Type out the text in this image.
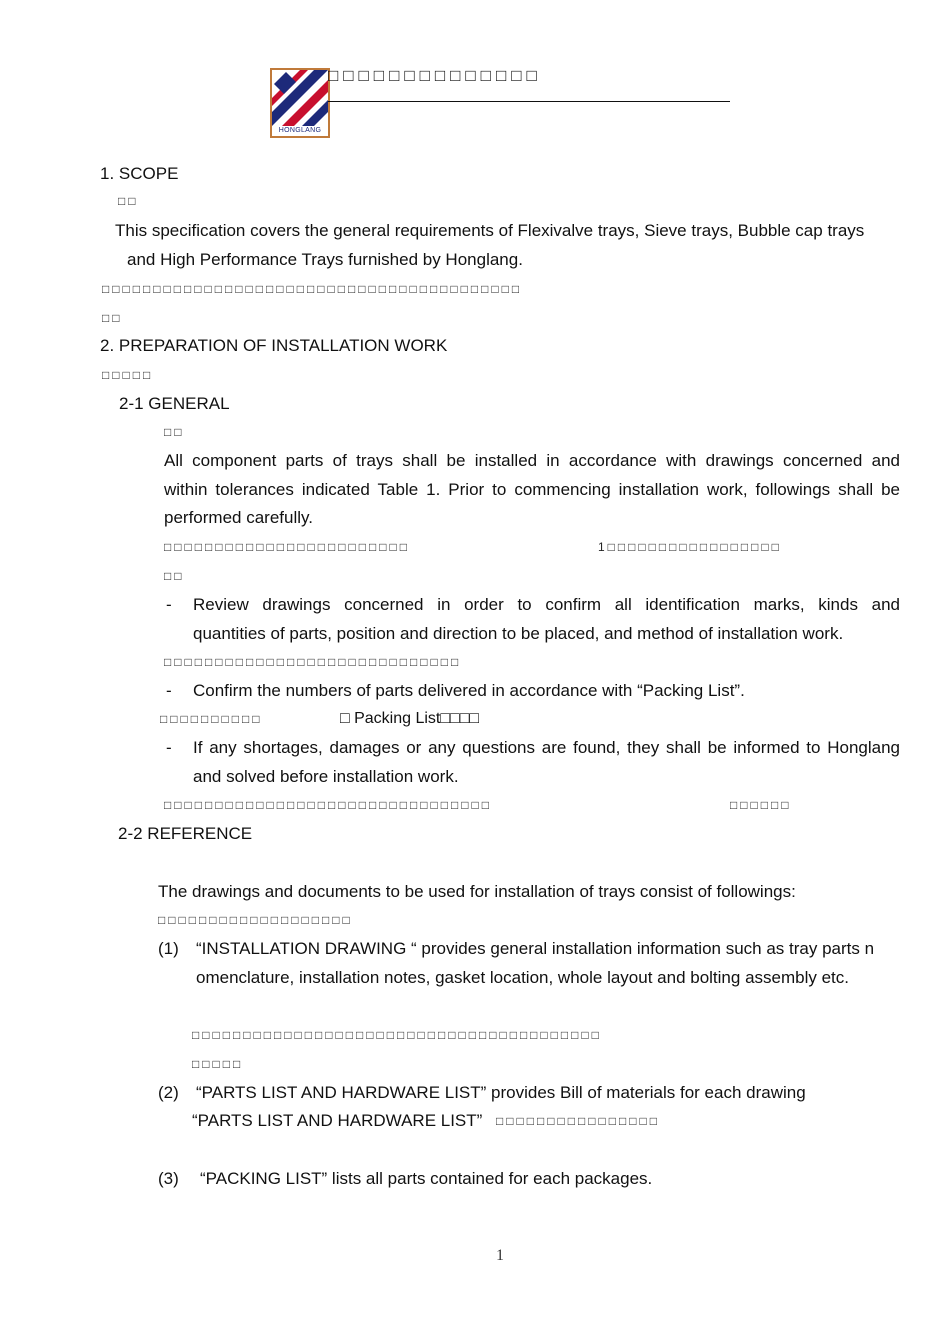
HONGLANG
□□□□□□□□□□□□□□
1. SCOPE
□□
This specification covers the general requirements of Flexivalve trays, Sieve trays, Bubble cap trays
and High Performance Trays furnished by Honglang.
□□□□□□□□□□□□□□□□□□□□□□□□□□□□□□□□□□□□□□□□□
□□
2. PREPARATION OF INSTALLATION WORK
□□□□□
2-1 GENERAL
□□
All component parts of trays shall be installed in accordance with drawings concerned and
within tolerances indicated Table 1. Prior to commencing installation work, followings shall be
performed carefully.
□□□□□□□□□□□□□□□□□□□□□□□□	1□□□□□□□□□□□□□□□□□
□□
- Review drawings concerned in order to confirm all identification marks, kinds and
quantities of parts, position and direction to be placed, and method of installation work.
□□□□□□□□□□□□□□□□□□□□□□□□□□□□□
- Confirm the numbers of parts delivered in accordance with “Packing List”.
□□□□□□□□□□	□ Packing List□□□□
- If any shortages, damages or any questions are found, they shall be informed to Honglang
and solved before installation work.
□□□□□□□□□□□□□□□□□□□□□□□□□□□□□□□□	□□□□□□
2-2 REFERENCE
The drawings and documents to be used for installation of trays consist of followings:
□□□□□□□□□□□□□□□□□□□
(1) “INSTALLATION DRAWING “ provides general installation information such as tray parts n
omenclature, installation notes, gasket location, whole layout and bolting assembly etc.
□□□□□□□□□□□□□□□□□□□□□□□□□□□□□□□□□□□□□□□□
□□□□□
(2) “PARTS LIST AND HARDWARE LIST” provides Bill of materials for each drawing
“PARTS LIST AND HARDWARE LIST” □□□□□□□□□□□□□□□□
(3) “PACKING LIST” lists all parts contained for each packages.
1
